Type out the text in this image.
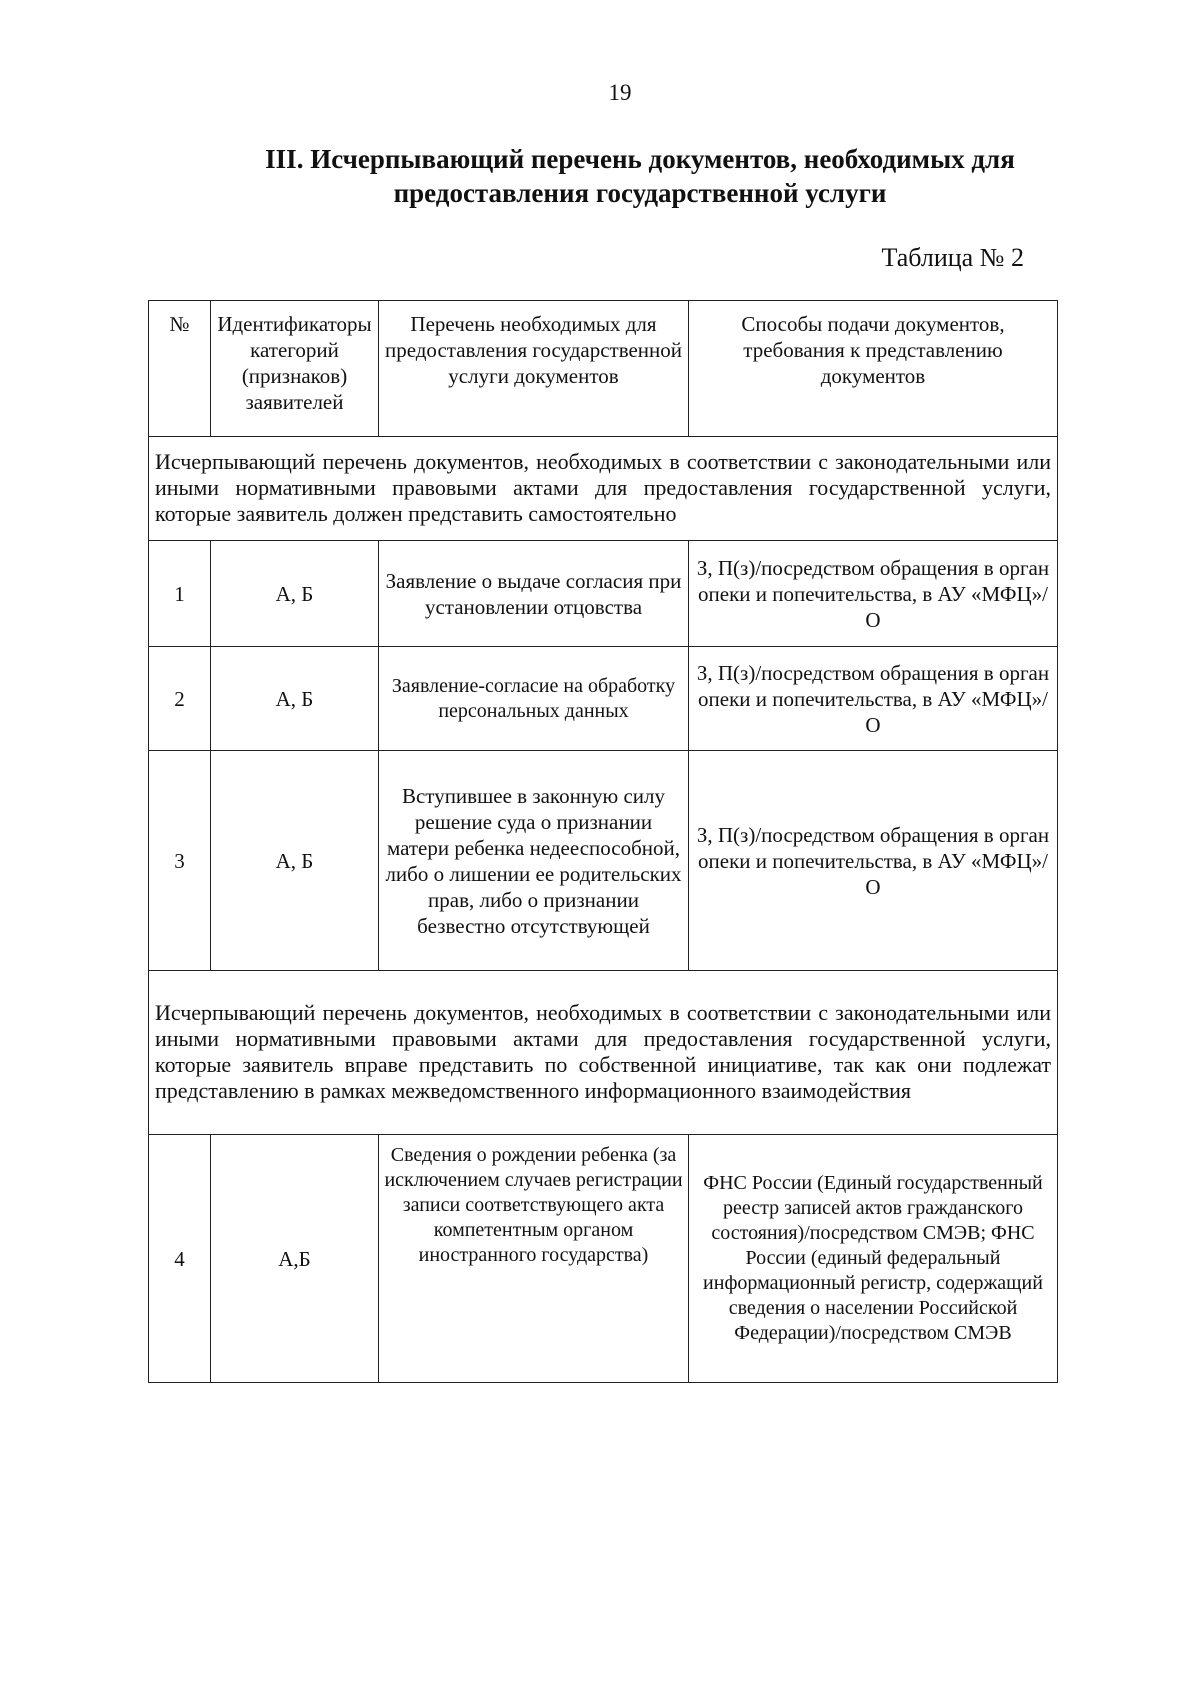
19
III. Исчерпывающий перечень документов, необходимых для
предоставления государственной услуги
Таблица № 2
№	Идентификаторы категорий (признаков) заявителей	Перечень необходимых для предоставления государственной услуги документов	Способы подачи документов, требования к представлению документов
Исчерпывающий перечень документов, необходимых в соответствии с законодательными или иными нормативными правовыми актами для предоставления государственной услуги, которые заявитель должен представить самостоятельно			
1	А, Б	Заявление о выдаче согласия при установлении отцовства	З, П(з)/посредством обращения в орган опеки и попечительства, в АУ «МФЦ»/ О
2	А, Б	Заявление-согласие на обработку персональных данных	З, П(з)/посредством обращения в орган опеки и попечительства, в АУ «МФЦ»/ О
3	А, Б	Вступившее в законную силу решение суда о признании матери ребенка недееспособной, либо о лишении ее родительских прав, либо о признании безвестно отсутствующей	З, П(з)/посредством обращения в орган опеки и попечительства, в АУ «МФЦ»/ О
Исчерпывающий перечень документов, необходимых в соответствии с законодательными или иными нормативными правовыми актами для предоставления государственной услуги, которые заявитель вправе представить по собственной инициативе, так как они подлежат представлению в рамках межведомственного информационного взаимодействия			
4	А,Б	Сведения о рождении ребенка (за исключением случаев регистрации записи соответствующего акта компетентным органом иностранного государства)	ФНС России (Единый государственный реестр записей актов гражданского состояния)/посредством СМЭВ; ФНС России (единый федеральный информационный регистр, содержащий сведения о населении Российской Федерации)/посредством СМЭВ
